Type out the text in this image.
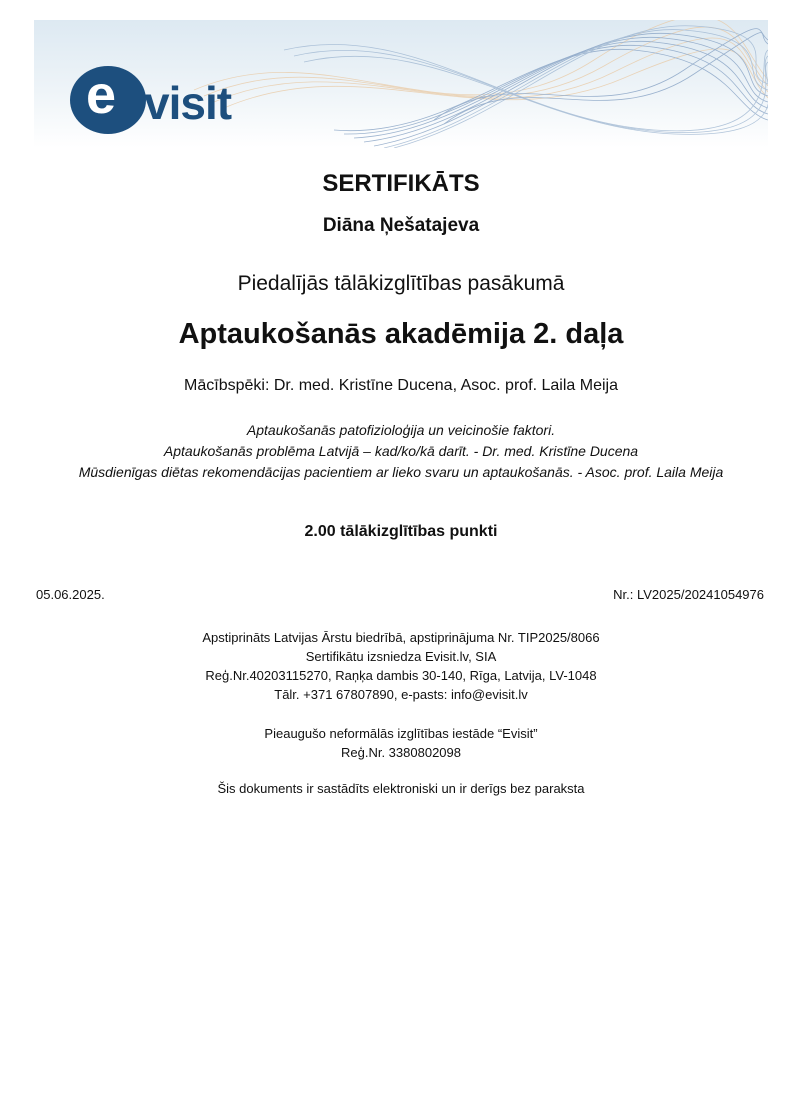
e visit
SERTIFIKĀTS
Diāna Ņešatajeva
Piedalījās tālākizglītības pasākumā
Aptaukošanās akadēmija 2. daļa
Mācībspēki: Dr. med. Kristīne Ducena, Asoc. prof. Laila Meija
Aptaukošanās patofizioloģija un veicinošie faktori.
Aptaukošanās problēma Latvijā – kad/ko/kā darīt. - Dr. med. Kristīne Ducena
Mūsdienīgas diētas rekomendācijas pacientiem ar lieko svaru un aptaukošanās. - Asoc. prof. Laila Meija
2.00 tālākizglītības punkti
05.06.2025.	Nr.: LV2025/20241054976
Apstiprināts Latvijas Ārstu biedrībā, apstiprinājuma Nr. TIP2025/8066
Sertifikātu izsniedza Evisit.lv, SIA
Reģ.Nr.40203115270, Raņķa dambis 30-140, Rīga, Latvija, LV-1048
Tālr. +371 67807890, e-pasts: info@evisit.lv
Pieaugušo neformālās izglītības iestāde “Evisit”
Reģ.Nr. 3380802098
Šis dokuments ir sastādīts elektroniski un ir derīgs bez paraksta
